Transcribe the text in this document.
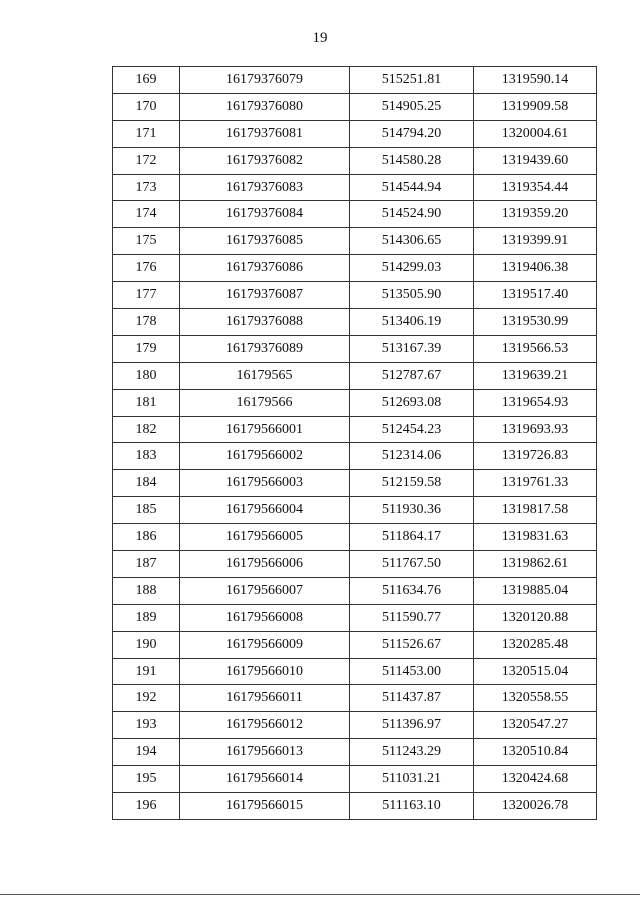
19
169	16179376079	515251.81	1319590.14
170	16179376080	514905.25	1319909.58
171	16179376081	514794.20	1320004.61
172	16179376082	514580.28	1319439.60
173	16179376083	514544.94	1319354.44
174	16179376084	514524.90	1319359.20
175	16179376085	514306.65	1319399.91
176	16179376086	514299.03	1319406.38
177	16179376087	513505.90	1319517.40
178	16179376088	513406.19	1319530.99
179	16179376089	513167.39	1319566.53
180	16179565	512787.67	1319639.21
181	16179566	512693.08	1319654.93
182	16179566001	512454.23	1319693.93
183	16179566002	512314.06	1319726.83
184	16179566003	512159.58	1319761.33
185	16179566004	511930.36	1319817.58
186	16179566005	511864.17	1319831.63
187	16179566006	511767.50	1319862.61
188	16179566007	511634.76	1319885.04
189	16179566008	511590.77	1320120.88
190	16179566009	511526.67	1320285.48
191	16179566010	511453.00	1320515.04
192	16179566011	511437.87	1320558.55
193	16179566012	511396.97	1320547.27
194	16179566013	511243.29	1320510.84
195	16179566014	511031.21	1320424.68
196	16179566015	511163.10	1320026.78
